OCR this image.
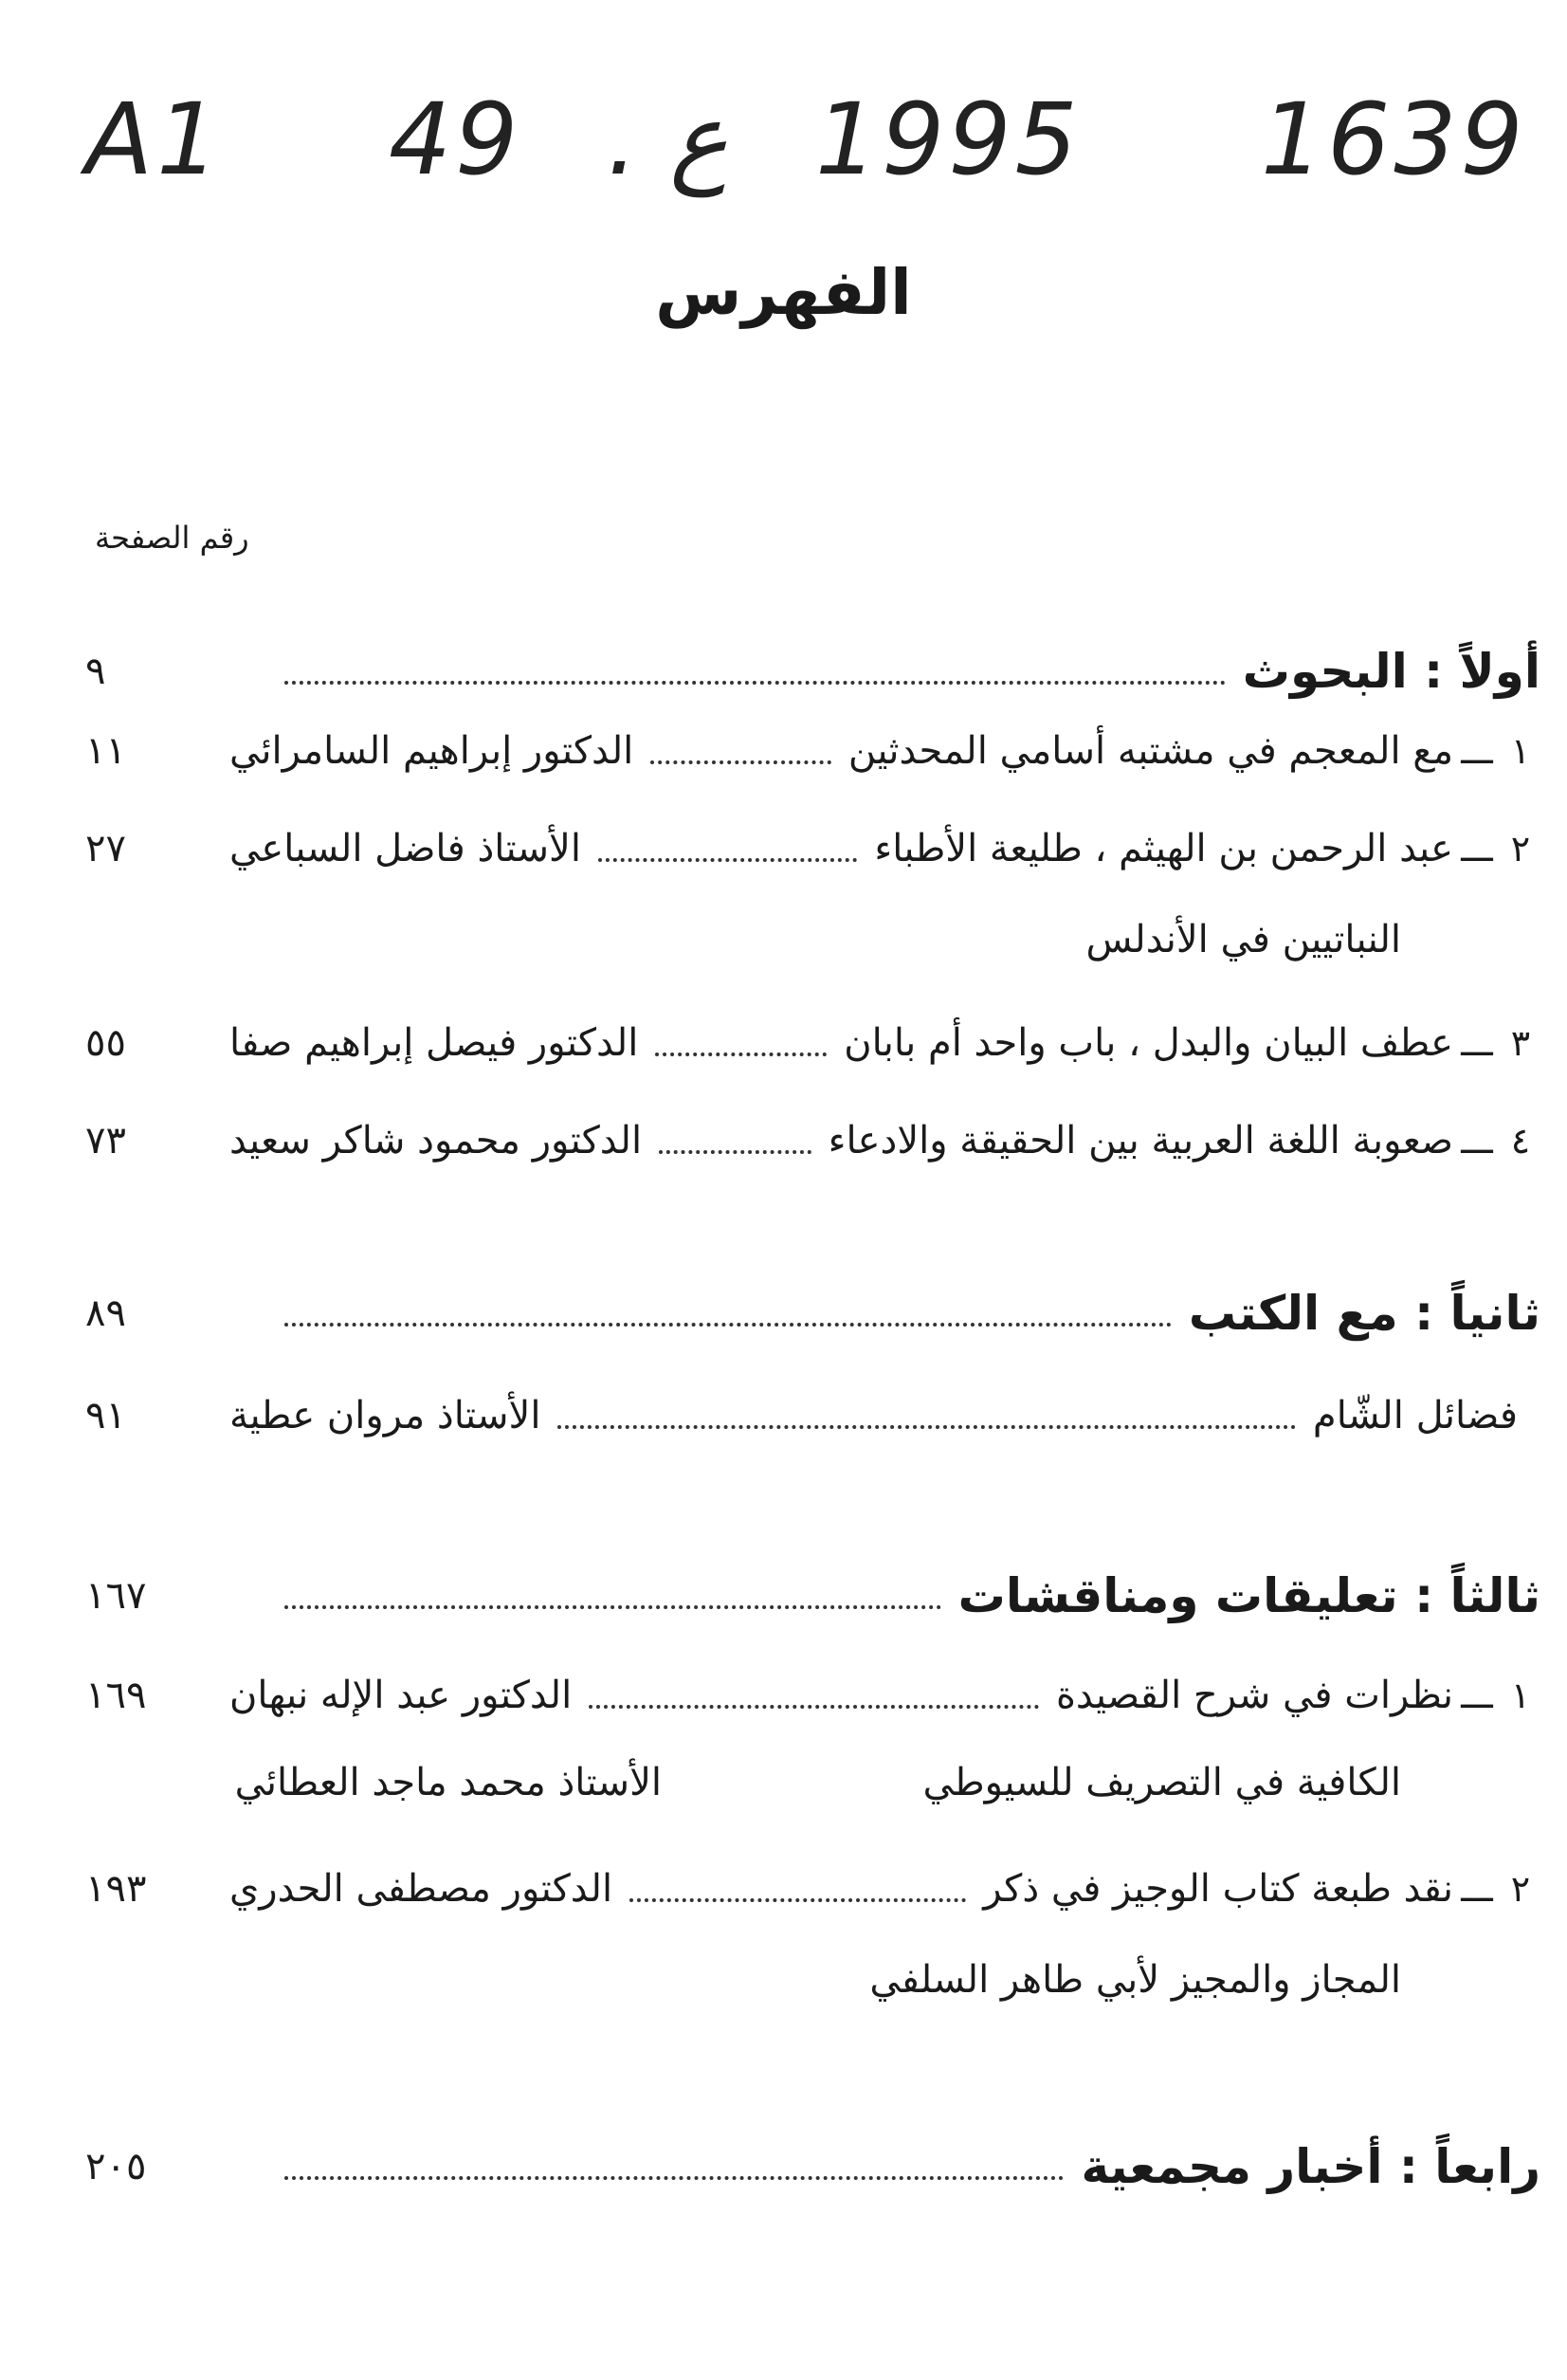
A1 49 . ع 1995 1639
الفهرس
رقم الصفحة
أولاً : البحوث
٩
١
ـــ
مع المعجم في مشتبه أسامي المحدثين
الدكتور إبراهيم السامرائي
١١
٢
ـــ
عبد الرحمن بن الهيثم ، طليعة الأطباء
الأستاذ فاضل السباعي
٢٧
النباتيين في الأندلس
٣
ـــ
عطف البيان والبدل ، باب واحد أم بابان
الدكتور فيصل إبراهيم صفا
٥٥
٤
ـــ
صعوبة اللغة العربية بين الحقيقة والادعاء
الدكتور محمود شاكر سعيد
٧٣
ثانياً : مع الكتب
٨٩
فضائل الشّام
الأستاذ مروان عطية
٩١
ثالثاً : تعليقات ومناقشات
١٦٧
١
ـــ
نظرات في شرح القصيدة
الدكتور عبد الإله نبهان
١٦٩
الكافية في التصريف للسيوطي
الأستاذ محمد ماجد العطائي
٢
ـــ
نقد طبعة كتاب الوجيز في ذكر
الدكتور مصطفى الحدري
١٩٣
المجاز والمجيز لأبي طاهر السلفي
رابعاً : أخبار مجمعية
٢٠٥
